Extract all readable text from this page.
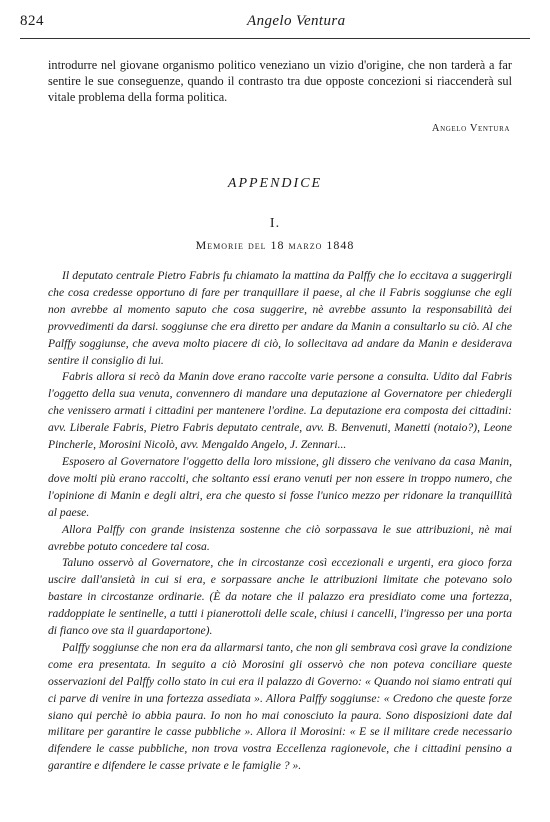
824	Angelo Ventura

introdurre nel giovane organismo politico veneziano un vizio d'origine, che non tarderà a far sentire le sue conseguenze, quando il contrasto tra due opposte concezioni si riaccenderà sul vitale problema della forma politica.

Angelo Ventura
APPENDICE
I.
Memorie del 18 marzo 1848

Il deputato centrale Pietro Fabris fu chiamato la mattina da Palffy che lo eccitava a suggerirgli che cosa credesse opportuno di fare per tranquillare il paese, al che il Fabris soggiunse che egli non avrebbe al momento saputo che cosa suggerire, nè avrebbe assunto la responsabilità dei provvedimenti da darsi. soggiunse che era diretto per andare da Manin a consultarlo su ciò. Al che Palffy soggiunse, che aveva molto piacere di ciò, lo sollecitava ad andare da Manin e desiderava sentire il consiglio di lui.

Fabris allora si recò da Manin dove erano raccolte varie persone a consulta. Udito dal Fabris l'oggetto della sua venuta, convennero di mandare una deputazione al Governatore per chiedergli che venissero armati i cittadini per mantenere l'ordine. La deputazione era composta dei cittadini: avv. Liberale Fabris, Pietro Fabris deputato centrale, avv. B. Benvenuti, Manetti (notaio?), Leone Pincherle, Morosini Nicolò, avv. Mengaldo Angelo, J. Zennari...

Esposero al Governatore l'oggetto della loro missione, gli dissero che venivano da casa Manin, dove molti più erano raccolti, che soltanto essi erano venuti per non essere in troppo numero, che l'opinione di Manin e degli altri, era che questo si fosse l'unico mezzo per ridonare la tranquillità al paese.

Allora Palffy con grande insistenza sostenne che ciò sorpassava le sue attribuzioni, nè mai avrebbe potuto concedere tal cosa.

Taluno osservò al Governatore, che in circostanze così eccezionali e urgenti, era gioco forza uscire dall'ansietà in cui si era, e sorpassare anche le attribuzioni limitate che potevano solo bastare in circostanze ordinarie. (È da notare che il palazzo era presidiato come una fortezza, raddoppiate le sentinelle, a tutti i pianerottoli delle scale, chiusi i cancelli, l'ingresso per una porta di fianco ove sta il guardaportone).

Palffy soggiunse che non era da allarmarsi tanto, che non gli sembrava così grave la condizione come era presentata. In seguito a ciò Morosini gli osservò che non poteva conciliare queste osservazioni del Palffy collo stato in cui era il palazzo di Governo: « Quando noi siamo entrati qui ci parve di venire in una fortezza assediata ». Allora Palffy soggiunse: « Credono che queste forze siano qui perchè io abbia paura. Io non ho mai conosciuto la paura. Sono disposizioni date dal militare per garantire le casse pubbliche ». Allora il Morosini: « E se il militare crede necessario difendere le casse pubbliche, non trova vostra Eccellenza ragionevole, che i cittadini pensino a garantire e difendere le casse private e le famiglie ? ».
